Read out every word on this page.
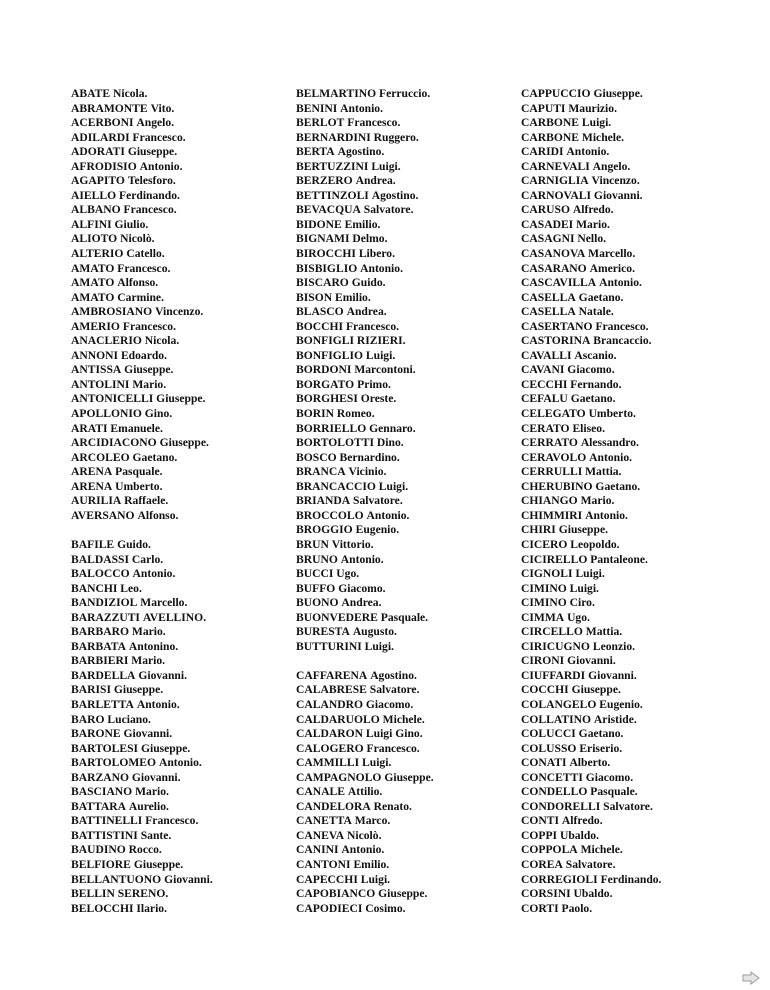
ABATE Nicola.
ABRAMONTE Vito.
ACERBONI Angelo.
ADILARDI Francesco.
ADORATI Giuseppe.
AFRODISIO Antonio.
AGAPITO Telesforo.
AIELLO Ferdinando.
ALBANO Francesco.
ALFINI Giulio.
ALIOTO Nicolò.
ALTERIO Catello.
AMATO Francesco.
AMATO Alfonso.
AMATO Carmine.
AMBROSIANO Vincenzo.
AMERIO Francesco.
ANACLERIO Nicola.
ANNONI Edoardo.
ANTISSA Giuseppe.
ANTOLINI Mario.
ANTONICELLI Giuseppe.
APOLLONIO Gino.
ARATI Emanuele.
ARCIDIACONO Giuseppe.
ARCOLEO Gaetano.
ARENA Pasquale.
ARENA Umberto.
AURILIA Raffaele.
AVERSANO Alfonso.
BAFILE Guido.
BALDASSI Carlo.
BALOCCO Antonio.
BANCHI Leo.
BANDIZIOL Marcello.
BARAZZUTI AVELLINO.
BARBARO Mario.
BARBATA Antonino.
BARBIERI Mario.
BARDELLA Giovanni.
BARISI Giuseppe.
BARLETTA Antonio.
BARO Luciano.
BARONE Giovanni.
BARTOLESI Giuseppe.
BARTOLOMEO Antonio.
BARZANO Giovanni.
BASCIANO Mario.
BATTARA Aurelio.
BATTINELLI Francesco.
BATTISTINI Sante.
BAUDINO Rocco.
BELFIORE Giuseppe.
BELLANTUONO Giovanni.
BELLIN SERENO.
BELOCCHI Ilario.
BELMARTINO Ferruccio.
BENINI Antonio.
BERLOT Francesco.
BERNARDINI Ruggero.
BERTA Agostino.
BERTUZZINI Luigi.
BERZERO Andrea.
BETTINZOLI Agostino.
BEVACQUA Salvatore.
BIDONE Emilio.
BIGNAMI Delmo.
BIROCCHI Libero.
BISBIGLIO Antonio.
BISCARO Guido.
BISON Emilio.
BLASCO Andrea.
BOCCHI Francesco.
BONFIGLI RIZIERI.
BONFIGLIO Luigi.
BORDONI Marcontoni.
BORGATO Primo.
BORGHESI Oreste.
BORIN Romeo.
BORRIELLO Gennaro.
BORTOLOTTI Dino.
BOSCO Bernardino.
BRANCA Vicinio.
BRANCACCIO Luigi.
BRIANDA Salvatore.
BROCCOLO Antonio.
BROGGIO Eugenio.
BRUN Vittorio.
BRUNO Antonio.
BUCCI Ugo.
BUFFO Giacomo.
BUONO Andrea.
BUONVEDERE Pasquale.
BURESTA Augusto.
BUTTURINI Luigi.
CAFFARENA Agostino.
CALABRESE Salvatore.
CALANDRO Giacomo.
CALDARUOLO Michele.
CALDARON Luigi Gino.
CALOGERO Francesco.
CAMMILLI Luigi.
CAMPAGNOLO Giuseppe.
CANALE Attilio.
CANDELORA Renato.
CANETTA Marco.
CANEVA Nicolò.
CANINI Antonio.
CANTONI Emilio.
CAPECCHI Luigi.
CAPOBIANCO Giuseppe.
CAPODIECI Cosimo.
CAPPUCCIO Giuseppe.
CAPUTI Maurizio.
CARBONE Luigi.
CARBONE Michele.
CARIDI Antonio.
CARNEVALI Angelo.
CARNIGLIA Vincenzo.
CARNOVALI Giovanni.
CARUSO Alfredo.
CASADEI Mario.
CASAGNI Nello.
CASANOVA Marcello.
CASARANO Americo.
CASCAVILLA Antonio.
CASELLA Gaetano.
CASELLA Natale.
CASERTANO Francesco.
CASTORINA Brancaccio.
CAVALLI Ascanio.
CAVANI Giacomo.
CECCHI Fernando.
CEFALU Gaetano.
CELEGATO Umberto.
CERATO Eliseo.
CERRATO Alessandro.
CERAVOLO Antonio.
CERRULLI Mattia.
CHERUBINO Gaetano.
CHIANGO Mario.
CHIMMIRI Antonio.
CHIRI Giuseppe.
CICERO Leopoldo.
CICIRELLO Pantaleone.
CIGNOLI Luigi.
CIMINO Luigi.
CIMINO Ciro.
CIMMA Ugo.
CIRCELLO Mattia.
CIRICUGNO Leonzio.
CIRONI Giovanni.
CIUFFARDI Giovanni.
COCCHI Giuseppe.
COLANGELO Eugenio.
COLLATINO Aristide.
COLUCCI Gaetano.
COLUSSO Eriserio.
CONATI Alberto.
CONCETTI Giacomo.
CONDELLO Pasquale.
CONDORELLI Salvatore.
CONTI Alfredo.
COPPI Ubaldo.
COPPOLA Michele.
COREA Salvatore.
CORREGIOLI Ferdinando.
CORSINI Ubaldo.
CORTI Paolo.
